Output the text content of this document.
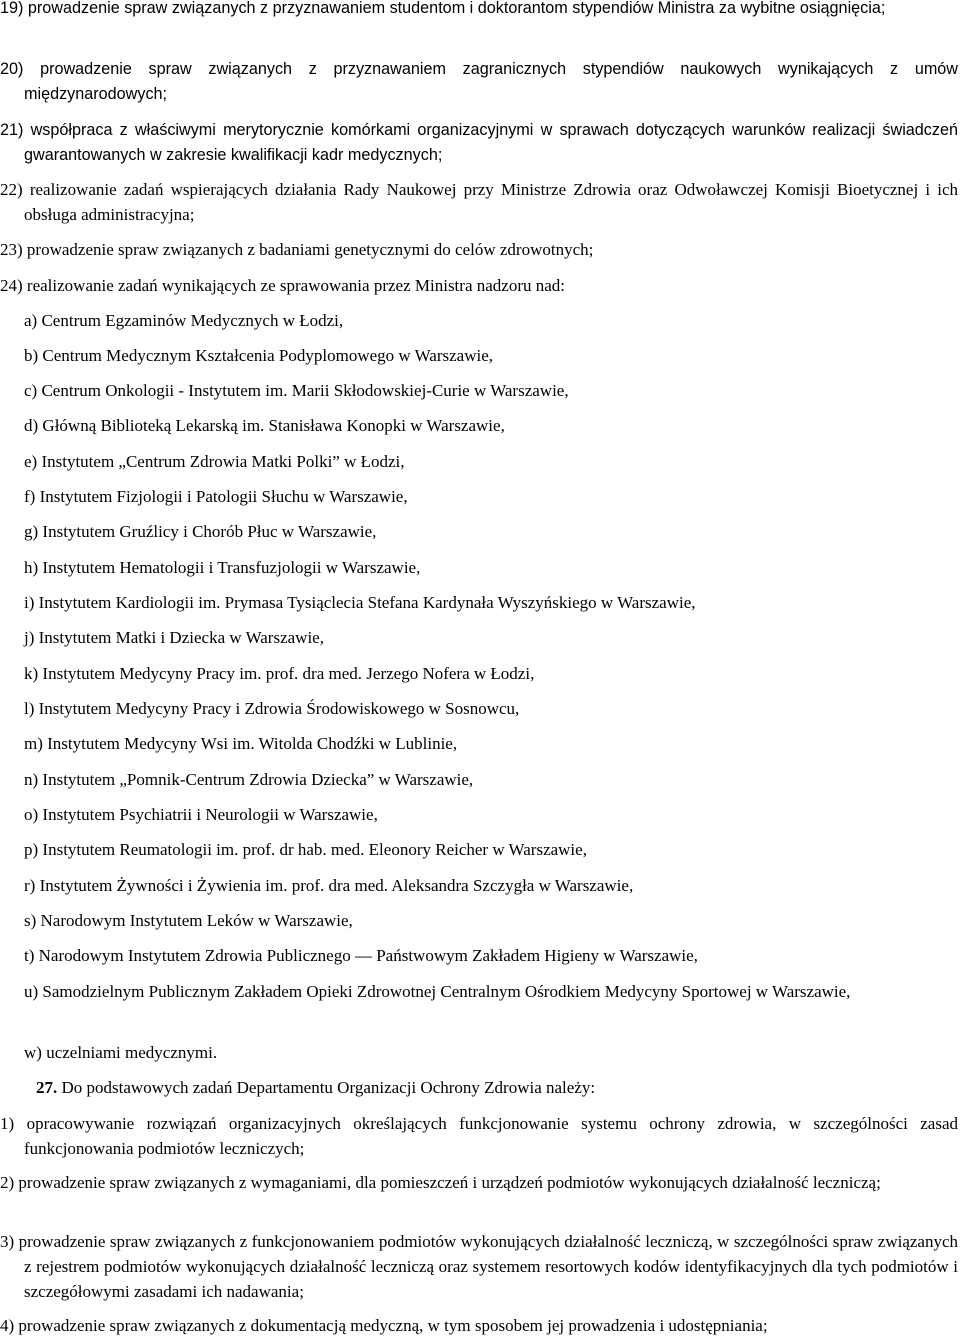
19) prowadzenie spraw związanych z przyznawaniem studentom i doktorantom stypendiów Ministra za wybitne osiągnięcia;

20) prowadzenie spraw związanych z przyznawaniem zagranicznych stypendiów naukowych wynikających z umów międzynarodowych;

21) współpraca z właściwymi merytorycznie komórkami organizacyjnymi w sprawach dotyczących warunków realizacji świadczeń gwarantowanych w zakresie kwalifikacji kadr medycznych;

22) realizowanie zadań wspierających działania Rady Naukowej przy Ministrze Zdrowia oraz Odwoławczej Komisji Bioetycznej i ich obsługa administracyjna;

23) prowadzenie spraw związanych z badaniami genetycznymi do celów zdrowotnych;

24) realizowanie zadań wynikających ze sprawowania przez Ministra nadzoru nad:

a) Centrum Egzaminów Medycznych w Łodzi,

b) Centrum Medycznym Kształcenia Podyplomowego w Warszawie,

c) Centrum Onkologii - Instytutem im. Marii Skłodowskiej-Curie w Warszawie,

d) Główną Biblioteką Lekarską im. Stanisława Konopki w Warszawie,

e) Instytutem „Centrum Zdrowia Matki Polki” w Łodzi,

f) Instytutem Fizjologii i Patologii Słuchu w Warszawie,

g) Instytutem Gruźlicy i Chorób Płuc w Warszawie,

h) Instytutem Hematologii i Transfuzjologii w Warszawie,

i) Instytutem Kardiologii im. Prymasa Tysiąclecia Stefana Kardynała Wyszyńskiego w Warszawie,

j) Instytutem Matki i Dziecka w Warszawie,

k) Instytutem Medycyny Pracy im. prof. dra med. Jerzego Nofera w Łodzi,

l) Instytutem Medycyny Pracy i Zdrowia Środowiskowego w Sosnowcu,

m) Instytutem Medycyny Wsi im. Witolda Chodźki w Lublinie,

n) Instytutem „Pomnik-Centrum Zdrowia Dziecka” w Warszawie,

o) Instytutem Psychiatrii i Neurologii w Warszawie,

p) Instytutem Reumatologii im. prof. dr hab. med. Eleonory Reicher w Warszawie,

r) Instytutem Żywności i Żywienia im. prof. dra med. Aleksandra Szczygła w Warszawie,

s) Narodowym Instytutem Leków w Warszawie,

t) Narodowym Instytutem Zdrowia Publicznego ― Państwowym Zakładem Higieny w Warszawie,

u) Samodzielnym Publicznym Zakładem Opieki Zdrowotnej Centralnym Ośrodkiem Medycyny Sportowej w Warszawie,

w) uczelniami medycznymi.

27. Do podstawowych zadań Departamentu Organizacji Ochrony Zdrowia należy:

1) opracowywanie rozwiązań organizacyjnych określających funkcjonowanie systemu ochrony zdrowia, w szczególności zasad funkcjonowania podmiotów leczniczych;

2) prowadzenie spraw związanych z wymaganiami, dla pomieszczeń i urządzeń podmiotów wykonujących działalność leczniczą;

3) prowadzenie spraw związanych z funkcjonowaniem podmiotów wykonujących działalność leczniczą, w szczególności spraw związanych z rejestrem podmiotów wykonujących działalność leczniczą oraz systemem resortowych kodów identyfikacyjnych dla tych podmiotów i szczegółowymi zasadami ich nadawania;

4) prowadzenie spraw związanych z dokumentacją medyczną, w tym sposobem jej prowadzenia i udostępniania;
